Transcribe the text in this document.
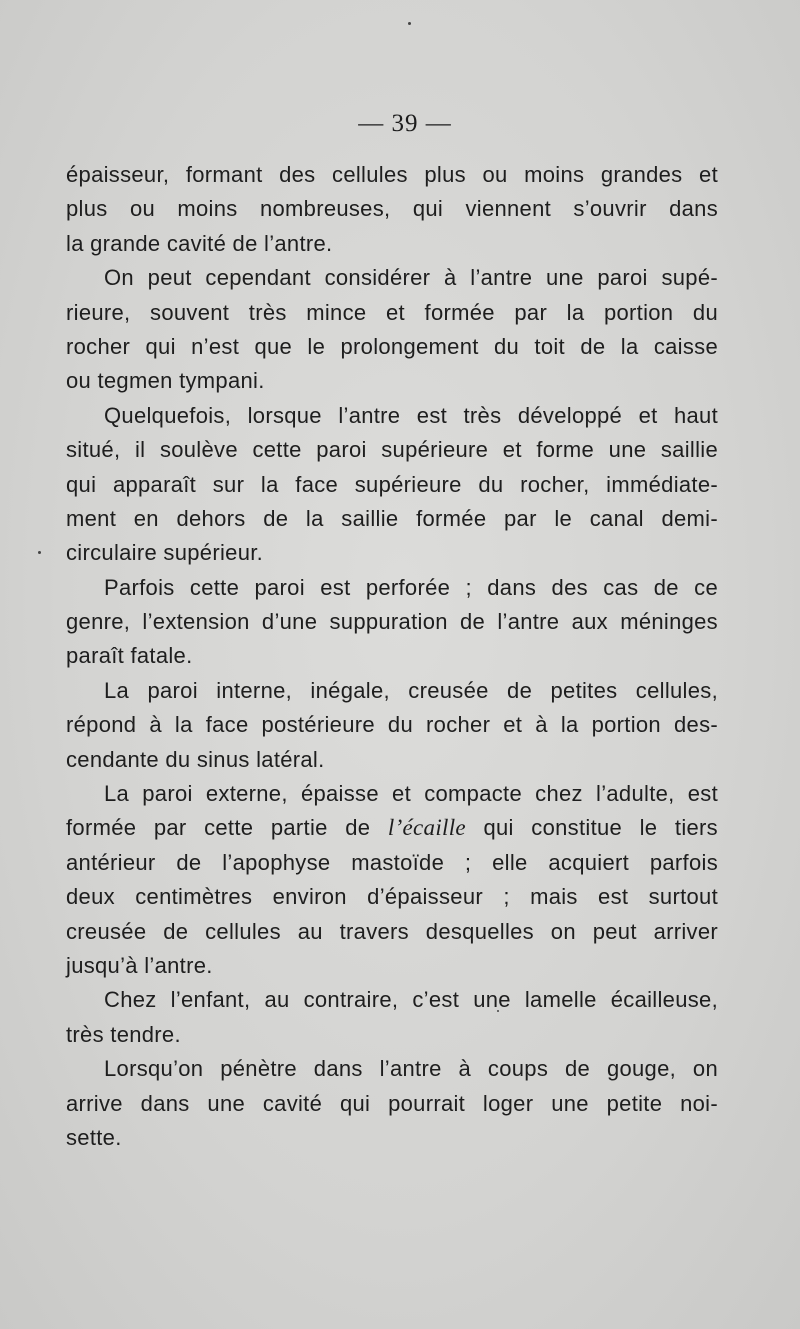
— 39 —
épaisseur, formant des cellules plus ou moins grandes et
plus ou moins nombreuses, qui viennent s’ouvrir dans
la grande cavité de l’antre.
On peut cependant considérer à l’antre une paroi supé-
rieure, souvent très mince et formée par la portion du
rocher qui n’est que le prolongement du toit de la caisse
ou tegmen tympani.
Quelquefois, lorsque l’antre est très développé et haut
situé, il soulève cette paroi supérieure et forme une saillie
qui apparaît sur la face supérieure du rocher, immédiate-
ment en dehors de la saillie formée par le canal demi-
circulaire supérieur.
Parfois cette paroi est perforée ; dans des cas de ce
genre, l’extension d’une suppuration de l’antre aux méninges
paraît fatale.
La paroi interne, inégale, creusée de petites cellules,
répond à la face postérieure du rocher et à la portion des-
cendante du sinus latéral.
La paroi externe, épaisse et compacte chez l’adulte, est
formée par cette partie de l’écaille qui constitue le tiers
antérieur de l’apophyse mastoïde ; elle acquiert parfois
deux centimètres environ d’épaisseur ; mais est surtout
creusée de cellules au travers desquelles on peut arriver
jusqu’à l’antre.
Chez l’enfant, au contraire, c’est une lamelle écailleuse,
très tendre.
Lorsqu’on pénètre dans l’antre à coups de gouge, on
arrive dans une cavité qui pourrait loger une petite noi-
sette.
